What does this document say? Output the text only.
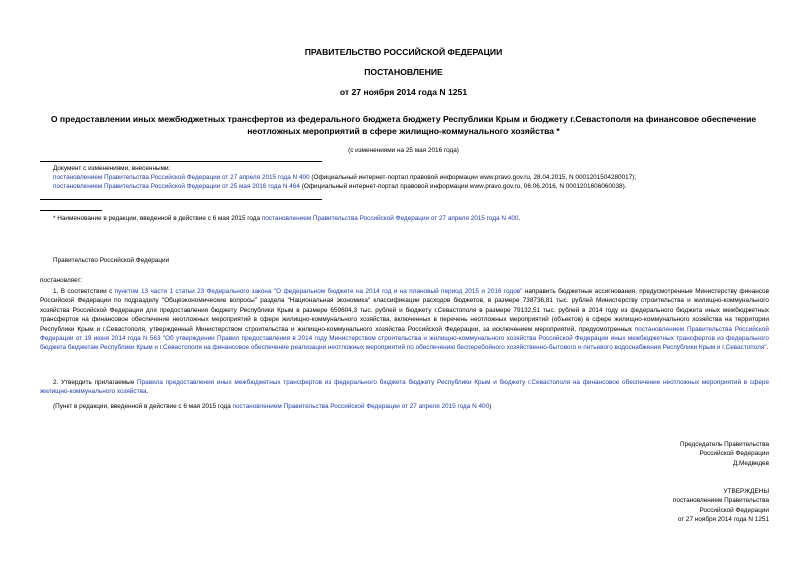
ПРАВИТЕЛЬСТВО РОССИЙСКОЙ ФЕДЕРАЦИИ
ПОСТАНОВЛЕНИЕ
от 27 ноября 2014 года N 1251
О предоставлении иных межбюджетных трансфертов из федерального бюджета бюджету Республики Крым и бюджету г.Севастополя на финансовое обеспечение
неотложных мероприятий в сфере жилищно-коммунального хозяйства *
(с изменениями на 25 мая 2016 года)
Документ с изменениями, внесенными:
постановлением Правительства Российской Федерации от 27 апреля 2015 года N 400 (Официальный интернет-портал правовой информации www.pravo.gov.ru, 28.04.2015, N 0001201504280017);
постановлением Правительства Российской Федерации от 25 мая 2016 года N 464 (Официальный интернет-портал правовой информации www.pravo.gov.ru, 06.06.2016, N 0001201606060038).
* Наименование в редакции, введенной в действие с 6 мая 2015 года постановлением Правительства Российской Федерации от 27 апреля 2015 года N 400.
Правительство Российской Федерации
постановляет:
1. В соответствии с пунктом 13 части 1 статьи 23 Федерального закона "О федеральном бюджете на 2014 год и на плановый период 2015 и 2016 годов" направить бюджетные ассигнования, предусмотренные Министерству финансов Российской Федерации по подразделу "Общеэкономические вопросы" раздела "Национальная экономика" классификации расходов бюджетов, в размере 738736,81 тыс. рублей Министерству строительства и жилищно-коммунального хозяйства Российской Федерации для предоставления бюджету Республики Крым в размере 659604,3 тыс. рублей и бюджету г.Севастополя в размере 79132,51 тыс. рублей в 2014 году из федерального бюджета иных межбюджетных трансфертов на финансовое обеспечение неотложных мероприятий в сфере жилищно-коммунального хозяйства, включенных в перечень неотложных мероприятий (объектов) в сфере жилищно-коммунального хозяйства на территории Республики Крым и г.Севастополя, утвержденный Министерством строительства и жилищно-коммунального хозяйства Российской Федерации, за исключением мероприятий, предусмотренных постановлением Правительства Российской Федерации от 19 июня 2014 года N 563 "Об утверждении Правил предоставления в 2014 году Министерством строительства и жилищно-коммунального хозяйства Российской Федерации иных межбюджетных трансфертов из федерального бюджета бюджетам Республики Крым и г.Севастополя на финансовое обеспечение реализации неотложных мероприятий по обеспечению бесперебойного хозяйственно-бытового и питьевого водоснабжения Республики Крым и г.Севастополя".
2. Утвердить прилагаемые Правила предоставления иных межбюджетных трансфертов из федерального бюджета бюджету Республики Крым и бюджету г.Севастополя на финансовое обеспечение неотложных мероприятий в сфере жилищно-коммунального хозяйства.
(Пункт в редакции, введенной в действие с 6 мая 2015 года постановлением Правительства Российской Федерации от 27 апреля 2015 года N 400)
Председатель Правительства
Российской Федерации
Д.Медведев
УТВЕРЖДЕНЫ
постановлением Правительства
Российской Федерации
от 27 ноября 2014 года N 1251
